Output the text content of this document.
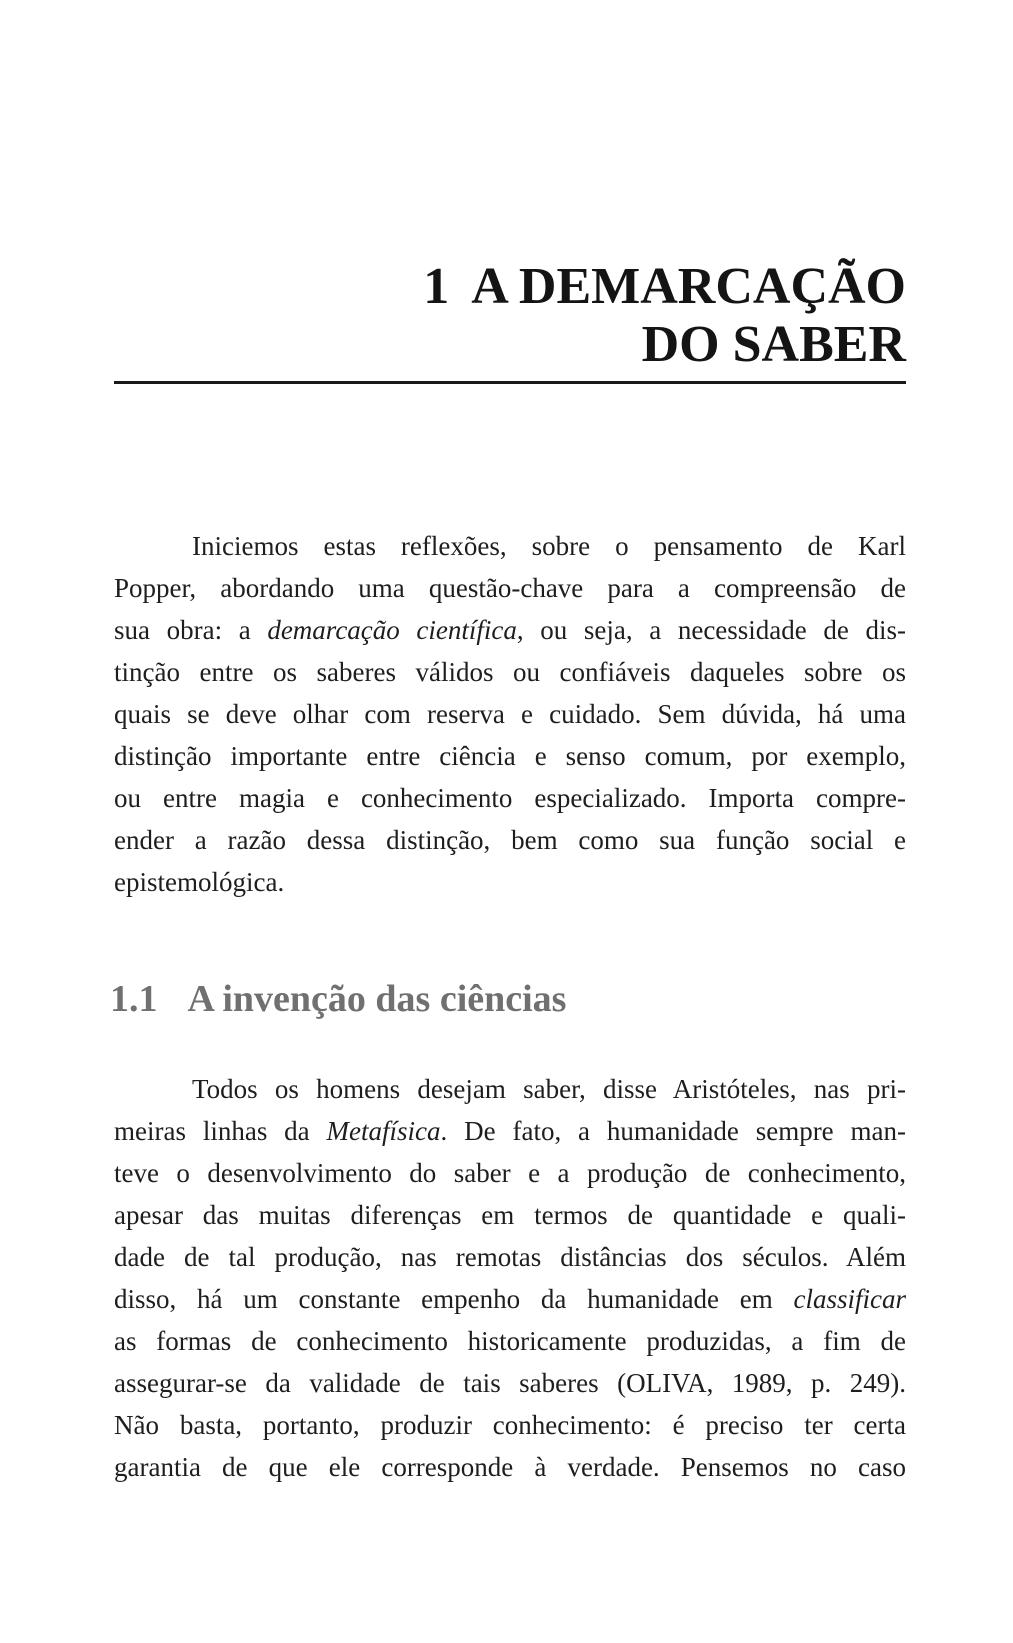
1 A DEMARCAÇÃO
DO SABER

Iniciemos estas reflexões, sobre o pensamento de Karl
Popper, abordando uma questão-chave para a compreensão de
sua obra: a demarcação científica, ou seja, a necessidade de dis-
tinção entre os saberes válidos ou confiáveis daqueles sobre os
quais se deve olhar com reserva e cuidado. Sem dúvida, há uma
distinção importante entre ciência e senso comum, por exemplo,
ou entre magia e conhecimento especializado. Importa compre-
ender a razão dessa distinção, bem como sua função social e
epistemológica.

1.1 A invenção das ciências

Todos os homens desejam saber, disse Aristóteles, nas pri-
meiras linhas da Metafísica. De fato, a humanidade sempre man-
teve o desenvolvimento do saber e a produção de conhecimento,
apesar das muitas diferenças em termos de quantidade e quali-
dade de tal produção, nas remotas distâncias dos séculos. Além
disso, há um constante empenho da humanidade em classificar
as formas de conhecimento historicamente produzidas, a fim de
assegurar-se da validade de tais saberes (OLIVA, 1989, p. 249).
Não basta, portanto, produzir conhecimento: é preciso ter certa
garantia de que ele corresponde à verdade. Pensemos no caso
